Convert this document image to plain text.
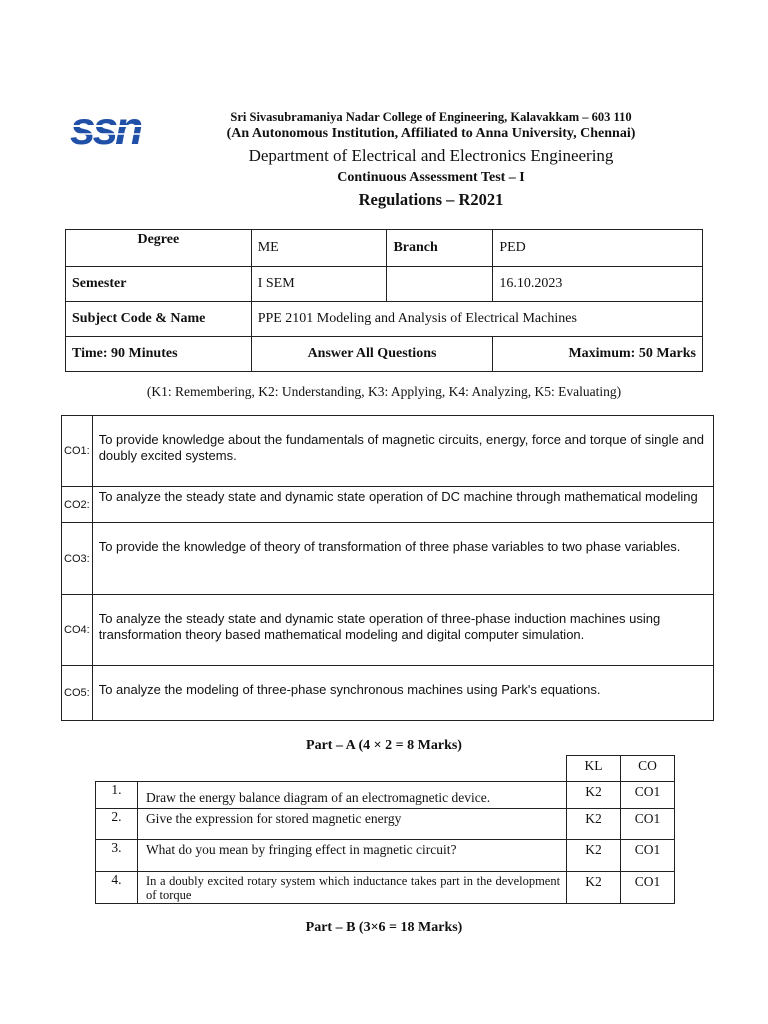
ssn	Sri Sivasubramaniya Nadar College of Engineering, Kalavakkam – 603 110
(An Autonomous Institution, Affiliated to Anna University, Chennai)
Department of Electrical and Electronics Engineering
Continuous Assessment Test – I
Regulations – R2021
Degree	ME	Branch	PED
Semester	I SEM		16.10.2023
Subject Code & Name	PPE 2101 Modeling and Analysis of Electrical Machines		
Time: 90 Minutes	Answer All Questions		Maximum: 50 Marks
(K1: Remembering, K2: Understanding, K3: Applying, K4: Analyzing, K5: Evaluating)
CO1:	To provide knowledge about the fundamentals of magnetic circuits, energy, force and torque of single and doubly excited systems.
CO2:	To analyze the steady state and dynamic state operation of DC machine through mathematical modeling
CO3:	To provide the knowledge of theory of transformation of three phase variables to two phase variables.
CO4:	To analyze the steady state and dynamic state operation of three-phase induction machines using transformation theory based mathematical modeling and digital computer simulation.
CO5:	To analyze the modeling of three-phase synchronous machines using Park's equations.
Part – A (4 × 2 = 8 Marks)
		KL	CO
1.	Draw the energy balance diagram of an electromagnetic device.	K2	CO1
2.	Give the expression for stored magnetic energy	K2	CO1
3.	What do you mean by fringing effect in magnetic circuit?	K2	CO1
4.	In a doubly excited rotary system which inductance takes part in the development of torque	K2	CO1
Part – B (3×6 = 18 Marks)
